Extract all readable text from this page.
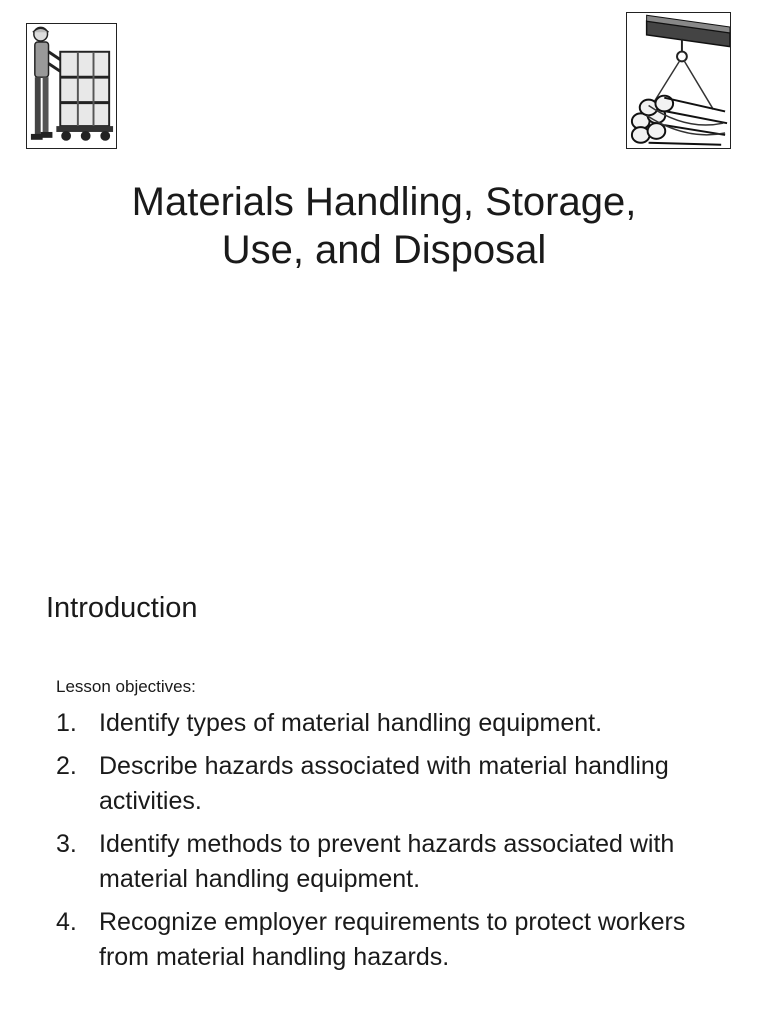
Materials Handling, Storage,
Use, and Disposal
Introduction
Lesson objectives:
1. Identify types of material handling equipment.
2. Describe hazards associated with material handling activities.
3. Identify methods to prevent hazards associated with material handling equipment.
4. Recognize employer requirements to protect workers from material handling hazards.
